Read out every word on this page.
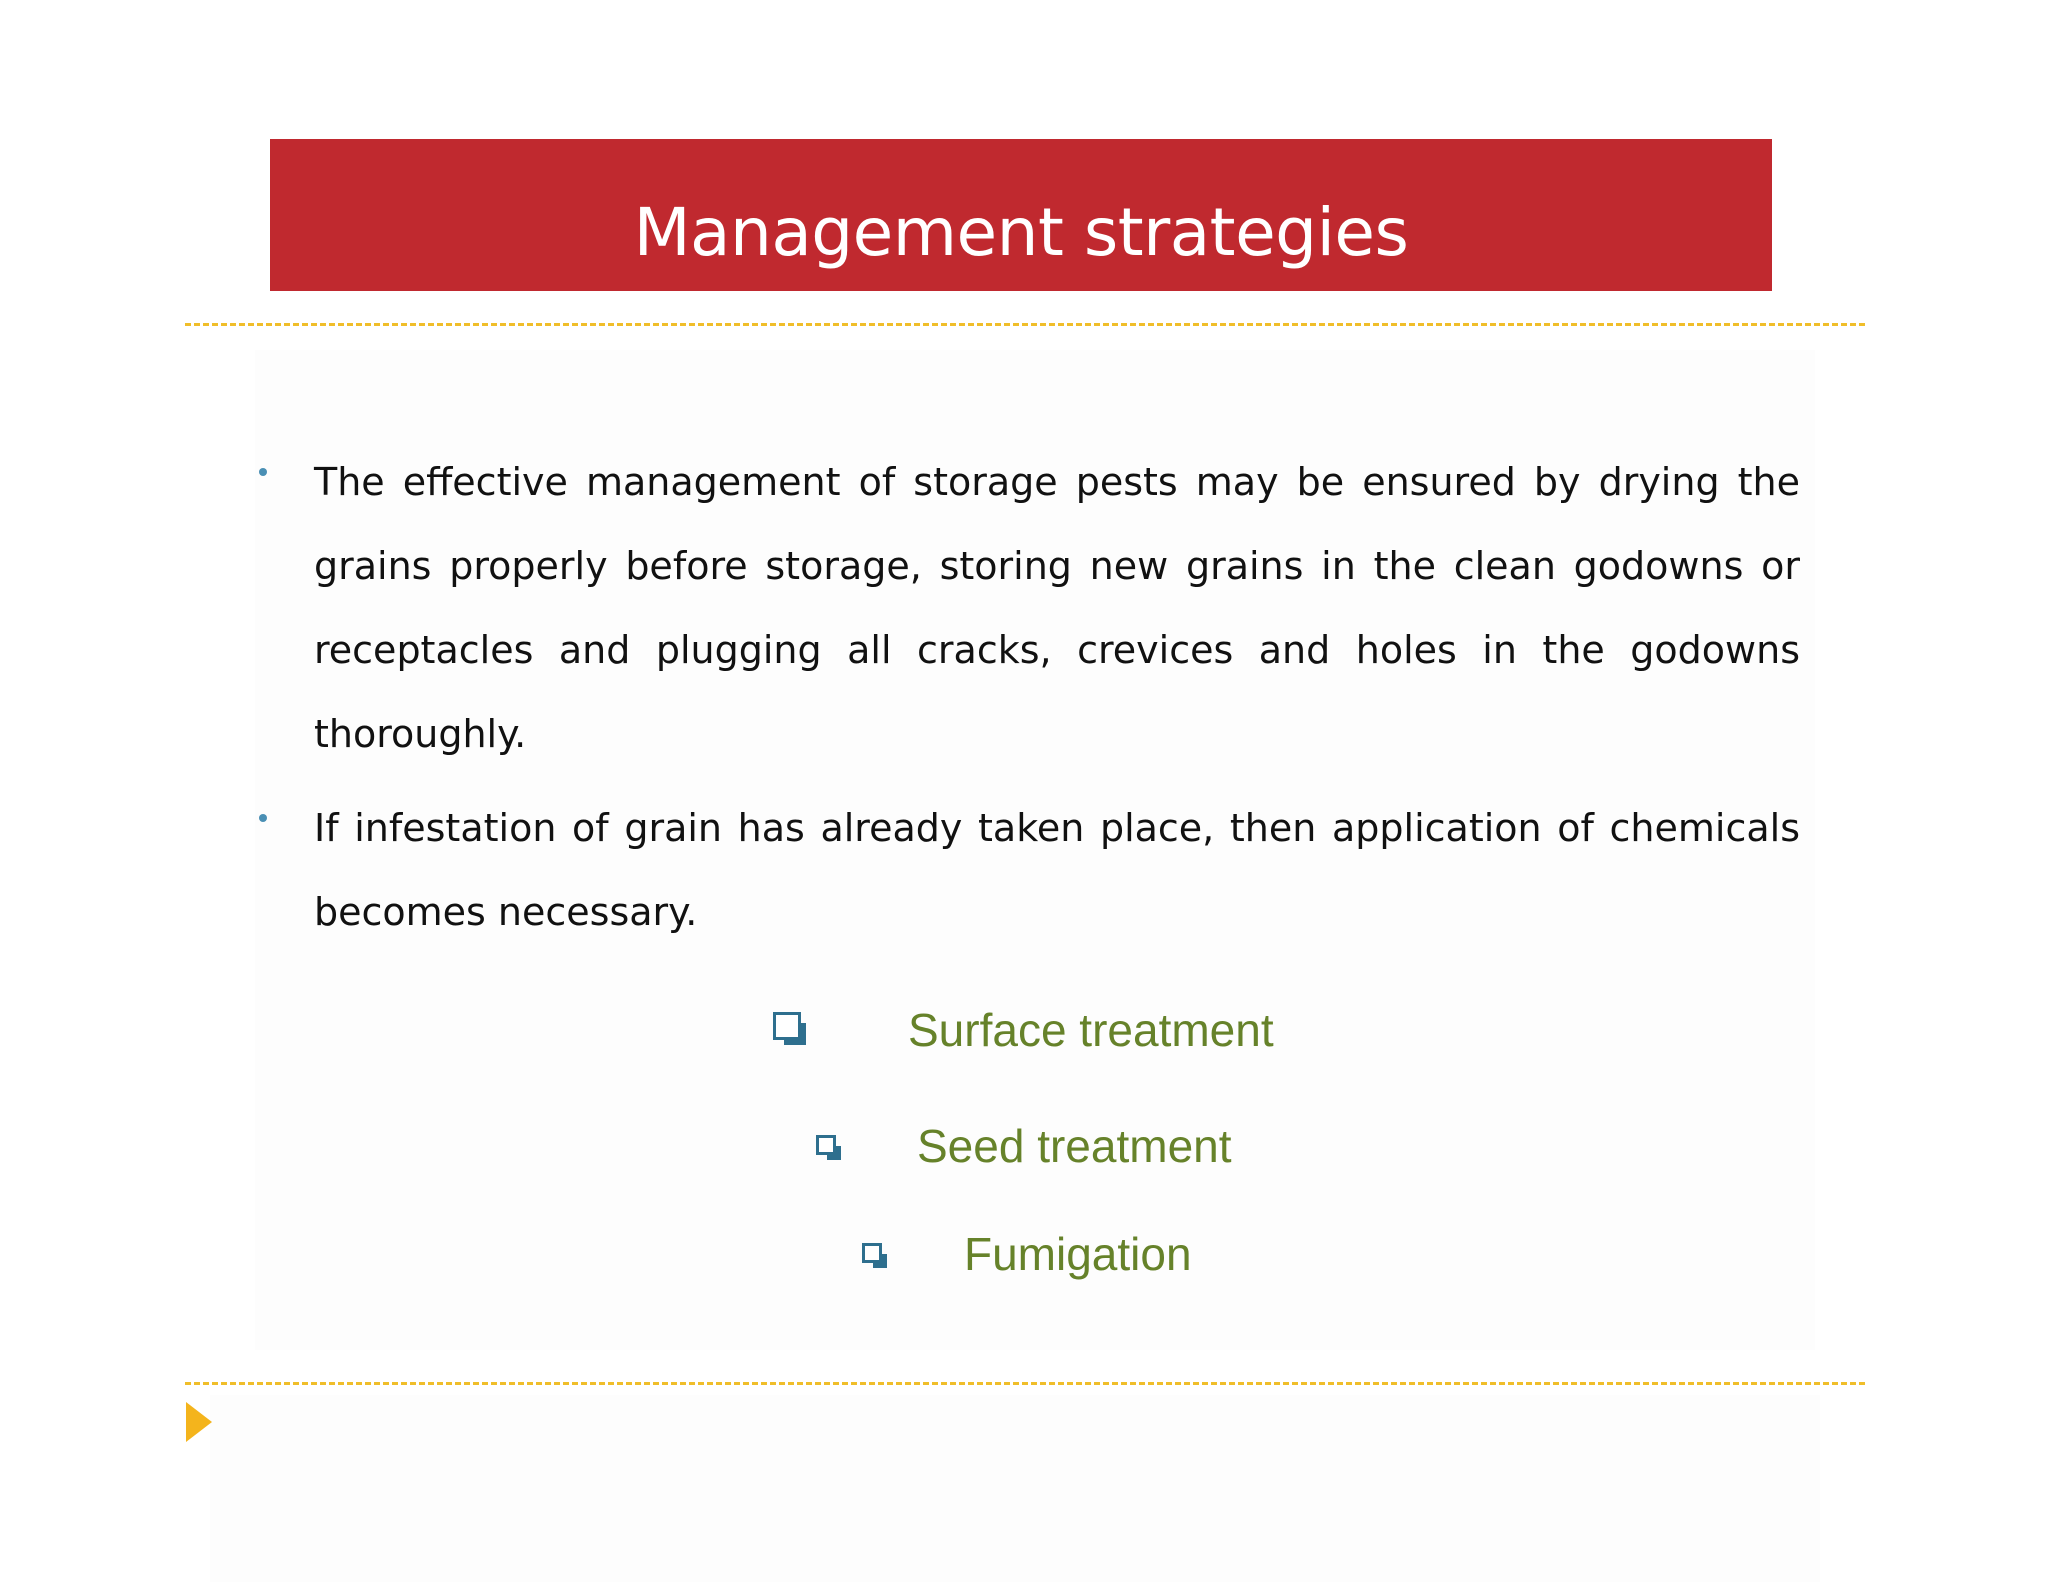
Management strategies

The effective management of storage pests may be ensured by drying the grains properly before storage, storing new grains in the clean godowns or receptacles and plugging all cracks, crevices and holes in the godowns thoroughly.

If infestation of grain has already taken place, then application of chemicals becomes necessary.

Surface treatment
Seed treatment
Fumigation
